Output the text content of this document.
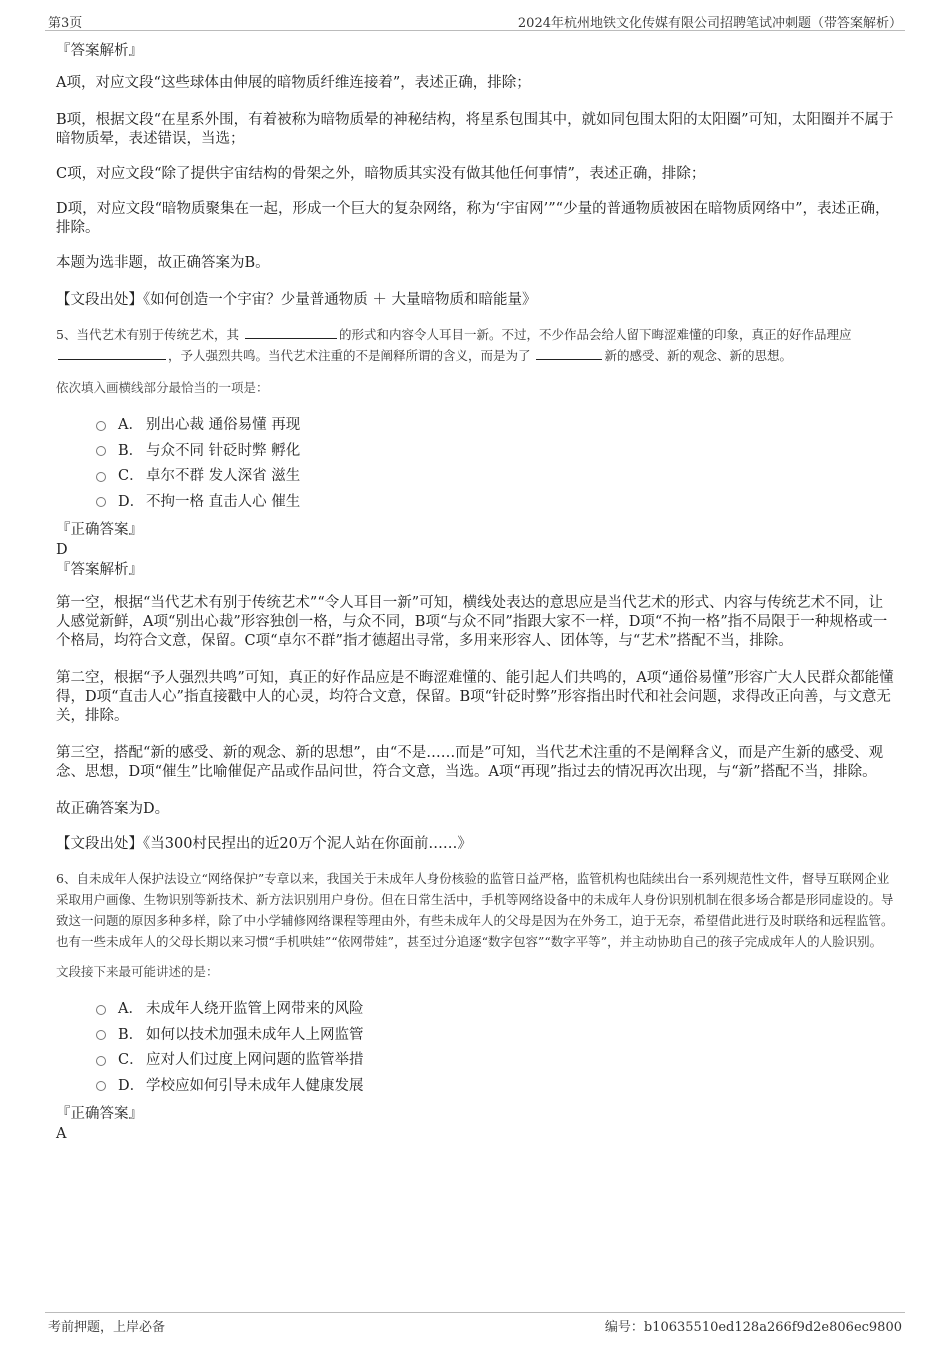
第3页	2024年杭州地铁文化传媒有限公司招聘笔试冲刺题（带答案解析）
『答案解析』
A项，对应文段“这些球体由伸展的暗物质纤维连接着”，表述正确，排除；
B项，根据文段“在星系外围，有着被称为暗物质晕的神秘结构，将星系包围其中，就如同包围太阳的太阳圈”可知，太阳圈并不属于暗物质晕，表述错误，当选；
C项，对应文段“除了提供宇宙结构的骨架之外，暗物质其实没有做其他任何事情”，表述正确，排除；
D项，对应文段“暗物质聚集在一起，形成一个巨大的复杂网络，称为‘宇宙网’”“少量的普通物质被困在暗物质网络中”，表述正确，排除。
本题为选非题，故正确答案为B。
【文段出处】《如何创造一个宇宙？少量普通物质 ＋ 大量暗物质和暗能量》
5、当代艺术有别于传统艺术，其	的形式和内容令人耳目一新。不过，不少作品会给人留下晦涩难懂的印象，真正的好作品理应 ，予人强烈共鸣。当代艺术注重的不是阐释所谓的含义，而是为了	新的感受、新的观念、新的思想。
依次填入画横线部分最恰当的一项是：
A． 别出心裁 通俗易懂 再现
B． 与众不同 针砭时弊 孵化
C． 卓尔不群 发人深省 滋生
D． 不拘一格 直击人心 催生
『正确答案』
D
『答案解析』
第一空，根据“当代艺术有别于传统艺术”“令人耳目一新”可知，横线处表达的意思应是当代艺术的形式、内容与传统艺术不同，让人感觉新鲜，A项“别出心裁”形容独创一格，与众不同，B项“与众不同”指跟大家不一样，D项“不拘一格”指不局限于一种规格或一个格局，均符合文意，保留。C项“卓尔不群”指才德超出寻常，多用来形容人、团体等，与“艺术”搭配不当，排除。
第二空，根据“予人强烈共鸣”可知，真正的好作品应是不晦涩难懂的、能引起人们共鸣的，A项“通俗易懂”形容广大人民群众都能懂得，D项“直击人心”指直接戳中人的心灵，均符合文意，保留。B项“针砭时弊”形容指出时代和社会问题，求得改正向善，与文意无关，排除。
第三空，搭配“新的感受、新的观念、新的思想”，由“不是……而是”可知，当代艺术注重的不是阐释含义，而是产生新的感受、观念、思想，D项“催生”比喻催促产品或作品问世，符合文意，当选。A项“再现”指过去的情况再次出现，与“新”搭配不当，排除。
故正确答案为D。
【文段出处】《当300村民捏出的近20万个泥人站在你面前……》
6、自未成年人保护法设立“网络保护”专章以来，我国关于未成年人身份核验的监管日益严格，监管机构也陆续出台一系列规范性文件，督导互联网企业采取用户画像、生物识别等新技术、新方法识别用户身份。但在日常生活中，手机等网络设备中的未成年人身份识别机制在很多场合都是形同虚设的。导致这一问题的原因多种多样，除了中小学辅修网络课程等理由外，有些未成年人的父母是因为在外务工，迫于无奈，希望借此进行及时联络和远程监管。也有一些未成年人的父母长期以来习惯“手机哄娃”“依网带娃”，甚至过分追逐“数字包容”“数字平等”，并主动协助自己的孩子完成成年人的人脸识别。
文段接下来最可能讲述的是：
A． 未成年人绕开监管上网带来的风险
B． 如何以技术加强未成年人上网监管
C． 应对人们过度上网问题的监管举措
D． 学校应如何引导未成年人健康发展
『正确答案』
A
考前押题，上岸必备	编号：b10635510ed128a266f9d2e806ec9800
